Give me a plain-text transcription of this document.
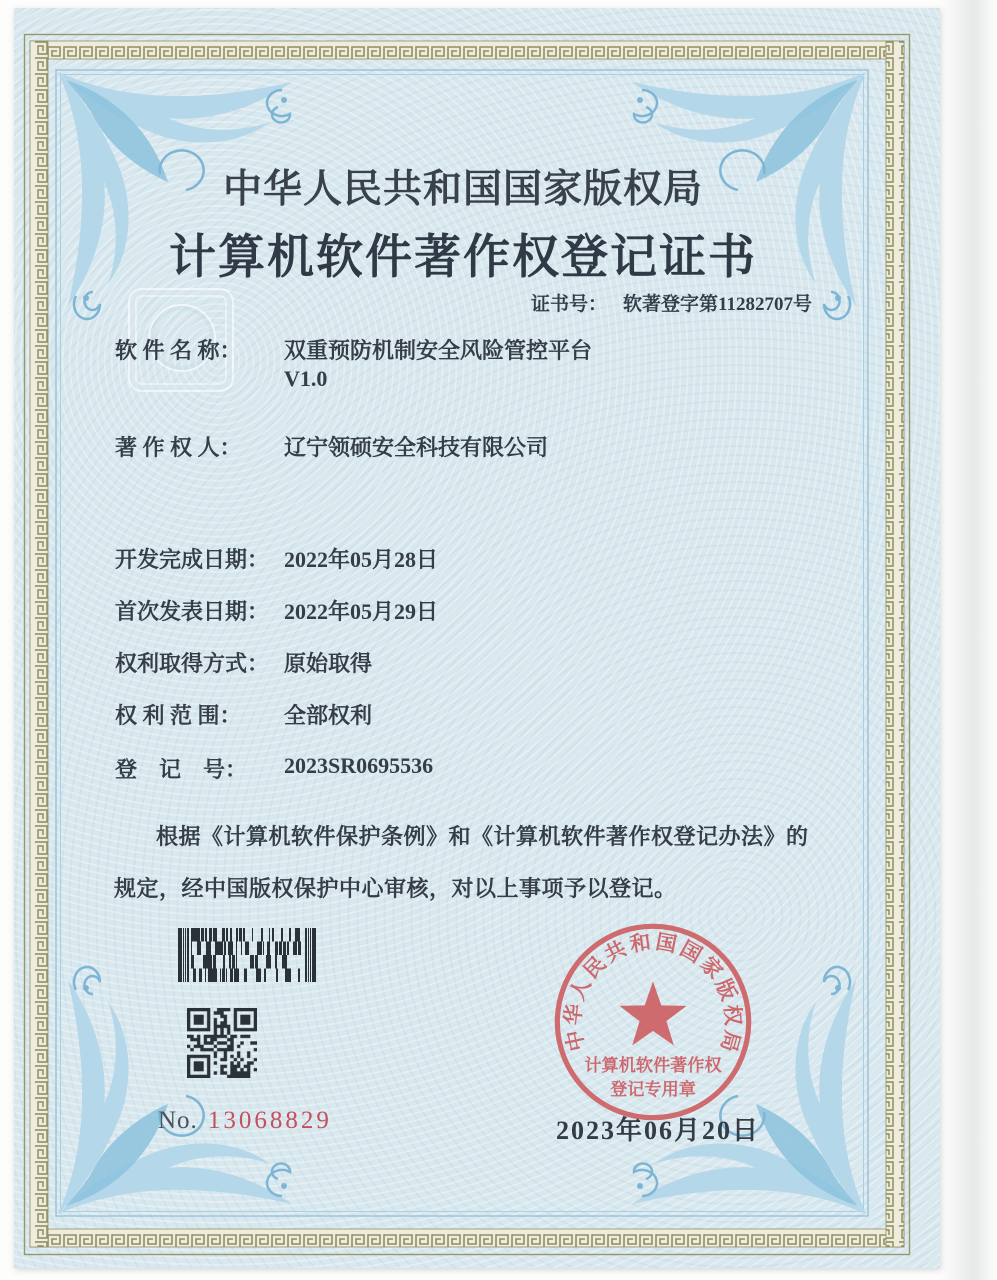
中华人民共和国国家版权局
计算机软件著作权登记证书
证书号： 软著登字第11282707号
软 件 名 称： 双重预防机制安全风险管控平台
V1.0
著 作 权 人： 辽宁领硕安全科技有限公司
开发完成日期： 2022年05月28日
首次发表日期： 2022年05月29日
权利取得方式： 原始取得
权 利 范 围： 全部权利
登　记　号： 2023SR0695536
根据《计算机软件保护条例》和《计算机软件著作权登记办法》的
规定，经中国版权保护中心审核，对以上事项予以登记。
No. 13068829
中华人民共和国国家版权局
计算机软件著作权
登记专用章
2023年06月20日
